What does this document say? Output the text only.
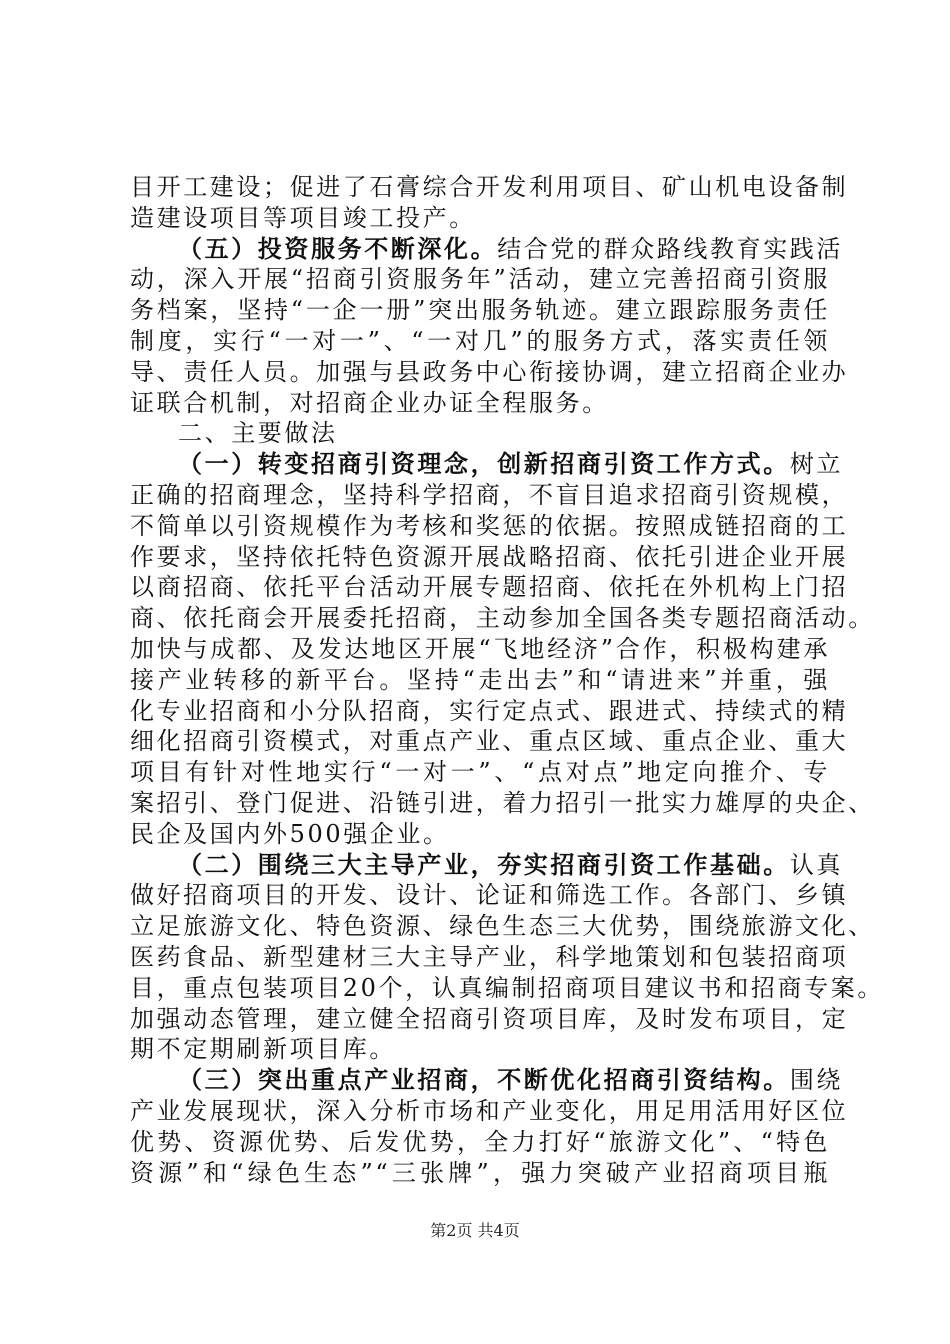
目开工建设；促进了石膏综合开发利用项目、矿山机电设备制
造建设项目等项目竣工投产。
（五）投资服务不断深化。结合党的群众路线教育实践活
动，深入开展“招商引资服务年”活动，建立完善招商引资服
务档案，坚持“一企一册”突出服务轨迹。建立跟踪服务责任
制度，实行“一对一”、“一对几”的服务方式，落实责任领
导、责任人员。加强与县政务中心衔接协调，建立招商企业办
证联合机制，对招商企业办证全程服务。
二、主要做法
（一）转变招商引资理念，创新招商引资工作方式。树立
正确的招商理念，坚持科学招商，不盲目追求招商引资规模，
不简单以引资规模作为考核和奖惩的依据。按照成链招商的工
作要求，坚持依托特色资源开展战略招商、依托引进企业开展
以商招商、依托平台活动开展专题招商、依托在外机构上门招
商、依托商会开展委托招商，主动参加全国各类专题招商活动。
加快与成都、及发达地区开展“飞地经济”合作，积极构建承
接产业转移的新平台。坚持“走出去”和“请进来”并重，强
化专业招商和小分队招商，实行定点式、跟进式、持续式的精
细化招商引资模式，对重点产业、重点区域、重点企业、重大
项目有针对性地实行“一对一”、“点对点”地定向推介、专
案招引、登门促进、沿链引进，着力招引一批实力雄厚的央企、
民企及国内外500强企业。
（二）围绕三大主导产业，夯实招商引资工作基础。认真
做好招商项目的开发、设计、论证和筛选工作。各部门、乡镇
立足旅游文化、特色资源、绿色生态三大优势，围绕旅游文化、
医药食品、新型建材三大主导产业，科学地策划和包装招商项
目，重点包装项目20个，认真编制招商项目建议书和招商专案。
加强动态管理，建立健全招商引资项目库，及时发布项目，定
期不定期刷新项目库。
（三）突出重点产业招商，不断优化招商引资结构。围绕
产业发展现状，深入分析市场和产业变化，用足用活用好区位
优势、资源优势、后发优势，全力打好“旅游文化”、“特色
资源”和“绿色生态”“三张牌”，强力突破产业招商项目瓶
第2页 共4页
